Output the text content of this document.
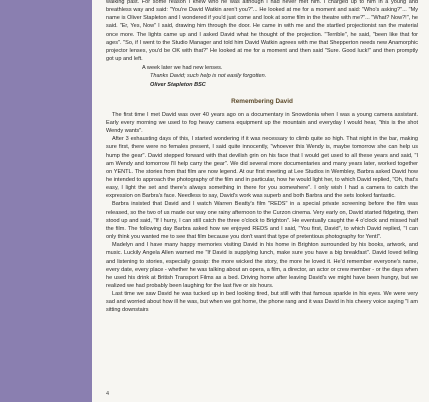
walking past. For some reason I knew who he was although I had never met him. I charged up to him in a young and breathless way and said: "You're David Watkin aren't you?"... He looked at me for a moment and said: "Who's asking?"... "My name is Oliver Stapleton and I wondered if you'd just come and look at some film in the theatre with me?"... "What? Now?!", he said. "Er, Yes, Now" I said, drawing him through the door. He came in with me and the startled projectionist ran the material once more. The lights came up and I asked David what he thought of the projection. "Terrible", he said, "been like that for ages". "So, if I went to the Studio Manager and told him David Watkin agrees with me that Shepperton needs new Anamorphic projector lenses, you'd be OK with that?" He looked at me for a moment and then said "Sure. Good luck!" and then promptly got up and left.

A week later we had new lenses.

Thanks David; such help is not easily forgotten.

Oliver Stapleton BSC

Remembering David

The first time I met David was over 40 years ago on a documentary in Snowdonia when I was a young camera assistant. Early every morning we used to fog heavy camera equipment up the mountain and everyday I would hear, "this is the shot Wendy wants".

After 3 exhausting days of this, I started wondering if it was necessary to climb quite so high. That night in the bar, making sure first, there were no females present, I said quite innocently, "whoever this Wendy is, maybe tomorrow she can help us hump the gear". David stepped forward with that devilish grin on his face that I would get used to all these years and said, "I am Wendy and tomorrow I'll help carry the gear". We did several more documentaries and many years later, worked together on YENTL. The stories from that film are now legend. At our first meeting at Lee Studios in Wembley, Barbra asked David how he intended to approach the photography of the film and in particular, how he would light her, to which David replied, "Oh, that's easy, I light the set and there's always something in there for you somewhere". I only wish I had a camera to catch the expression on Barbra's face. Needless to say, David's work was superb and both Barbra and the sets looked fantastic.

Barbra insisted that David and I watch Warren Beatty's film "REDS" in a special private screening before the film was released, so the two of us made our way one rainy afternoon to the Curzon cinema. Very early on, David started fidgeting, then stood up and said, "If I hurry, I can still catch the three o'clock to Brighton". He eventually caught the 4 o'clock and missed half the film. The following day Barbra asked how we enjoyed REDS and I said, "You first, David", to which David replied, "I can only think you wanted me to see that film because you don't want that type of pretentious photography for Yentl".

Madelyn and I have many happy memories visiting David in his home in Brighton surrounded by his books, artwork, and music. Luckily Angela Allen warned me "If David is supplying lunch, make sure you have a big breakfast". David loved telling and listening to stories, especially gossip: the more wicked the story, the more he loved it. He'd remember everyone's name, every date, every place - whether he was talking about an opera, a film, a director, an actor or crew member - or the days when he used his drink at British Transport Films as a bed. Driving home after leaving David's we might have been hungry, but we realized we had probably been laughing for the last five or six hours.

Last time we saw David he was tucked up in bed looking tired, but still with that famous sparkle in his eyes. We were very sad and worried about how ill he was, but when we got home, the phone rang and it was David in his cheery voice saying "I am sitting downstairs

4
